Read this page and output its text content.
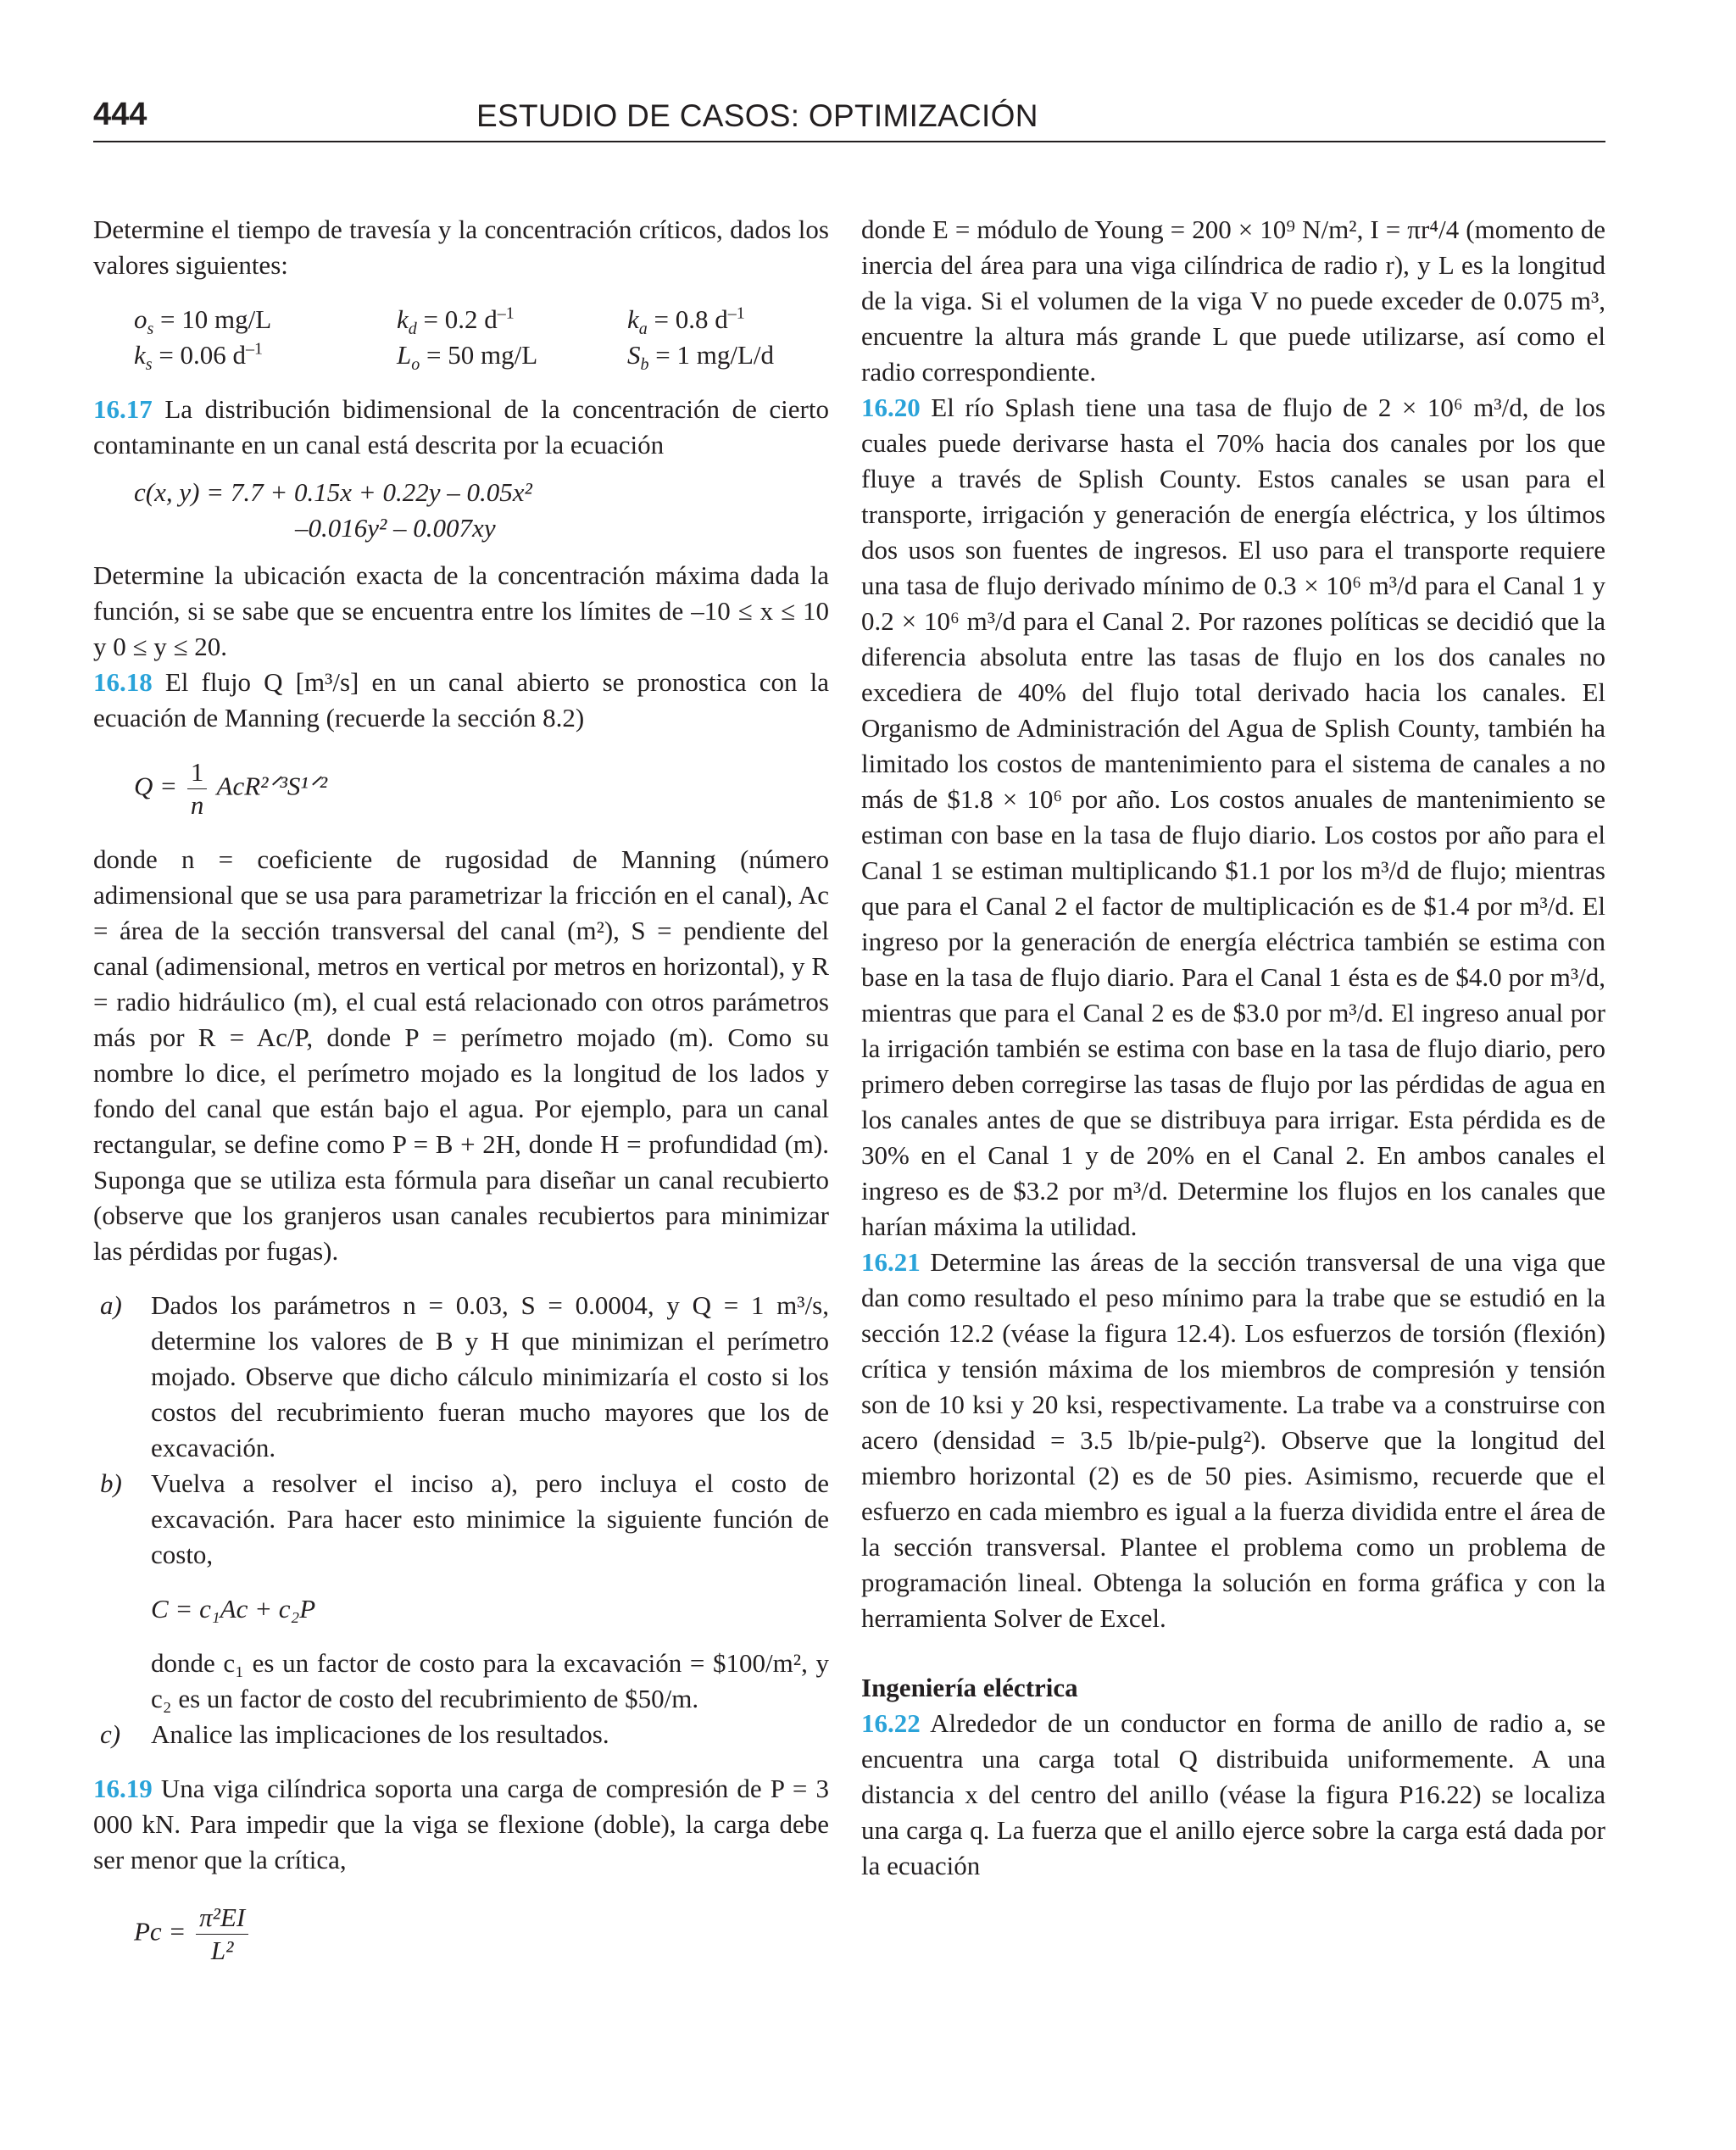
444	ESTUDIO DE CASOS: OPTIMIZACIÓN

Determine el tiempo de travesía y la concentración críticos, dados los valores siguientes:

$o_s = 10$ mg/L	$k_d = 0.2$ $d^{-1}$	$k_a = 0.8$ $d^{-1}$
$k_s = 0.06$ $d^{-1}$	$L_o = 50$ mg/L	$S_b = 1$ mg/L/d

16.17 La distribución bidimensional de la concentración de cierto contaminante en un canal está descrita por la ecuación

c(x, y) = 7.7 + 0.15x + 0.22y – 0.05x²
–0.016y² – 0.007xy

Determine la ubicación exacta de la concentración máxima dada la función, si se sabe que se encuentra entre los límites de –10 ≤ x ≤ 10 y 0 ≤ y ≤ 20.

16.18 El flujo Q [m³/s] en un canal abierto se pronostica con la ecuación de Manning (recuerde la sección 8.2)

$Q = \frac{1}{n}$ AcR²ᐟ³S¹ᐟ²

donde n = coeficiente de rugosidad de Manning (número adimensional que se usa para parametrizar la fricción en el canal), Ac = área de la sección transversal del canal (m²), S = pendiente del canal (adimensional, metros en vertical por metros en horizontal), y R = radio hidráulico (m), el cual está relacionado con otros parámetros más por R = Ac/P, donde P = perímetro mojado (m). Como su nombre lo dice, el perímetro mojado es la longitud de los lados y fondo del canal que están bajo el agua. Por ejemplo, para un canal rectangular, se define como P = B + 2H, donde H = profundidad (m). Suponga que se utiliza esta fórmula para diseñar un canal recubierto (observe que los granjeros usan canales recubiertos para minimizar las pérdidas por fugas).

a) Dados los parámetros n = 0.03, S = 0.0004, y Q = 1 m³/s, determine los valores de B y H que minimizan el perímetro mojado. Observe que dicho cálculo minimizaría el costo si los costos del recubrimiento fueran mucho mayores que los de excavación.
b) Vuelva a resolver el inciso a), pero incluya el costo de excavación. Para hacer esto minimice la siguiente función de costo,
C = c₁Ac + c₂P

donde c₁ es un factor de costo para la excavación = $100/m², y c₂ es un factor de costo del recubrimiento de $50/m.

c) Analice las implicaciones de los resultados.

16.19 Una viga cilíndrica soporta una carga de compresión de P = 3 000 kN. Para impedir que la viga se flexione (doble), la carga debe ser menor que la crítica,

$Pc = \frac{\text{π²EI}}{\text{L²}}$

donde E = módulo de Young = 200 × 10⁹ N/m², I = πr⁴/4 (momento de inercia del área para una viga cilíndrica de radio r), y L es la longitud de la viga. Si el volumen de la viga V no puede exceder de 0.075 m³, encuentre la altura más grande L que puede utilizarse, así como el radio correspondiente.

16.20 El río Splash tiene una tasa de flujo de 2 × 10⁶ m³/d, de los cuales puede derivarse hasta el 70% hacia dos canales por los que fluye a través de Splish County. Estos canales se usan para el transporte, irrigación y generación de energía eléctrica, y los últimos dos usos son fuentes de ingresos. El uso para el transporte requiere una tasa de flujo derivado mínimo de 0.3 × 10⁶ m³/d para el Canal 1 y 0.2 × 10⁶ m³/d para el Canal 2. Por razones políticas se decidió que la diferencia absoluta entre las tasas de flujo en los dos canales no excediera de 40% del flujo total derivado hacia los canales. El Organismo de Administración del Agua de Splish County, también ha limitado los costos de mantenimiento para el sistema de canales a no más de $1.8 × 10⁶ por año. Los costos anuales de mantenimiento se estiman con base en la tasa de flujo diario. Los costos por año para el Canal 1 se estiman multiplicando $1.1 por los m³/d de flujo; mientras que para el Canal 2 el factor de multiplicación es de $1.4 por m³/d. El ingreso por la generación de energía eléctrica también se estima con base en la tasa de flujo diario. Para el Canal 1 ésta es de $4.0 por m³/d, mientras que para el Canal 2 es de $3.0 por m³/d. El ingreso anual por la irrigación también se estima con base en la tasa de flujo diario, pero primero deben corregirse las tasas de flujo por las pérdidas de agua en los canales antes de que se distribuya para irrigar. Esta pérdida es de 30% en el Canal 1 y de 20% en el Canal 2. En ambos canales el ingreso es de $3.2 por m³/d. Determine los flujos en los canales que harían máxima la utilidad.

16.21 Determine las áreas de la sección transversal de una viga que dan como resultado el peso mínimo para la trabe que se estudió en la sección 12.2 (véase la figura 12.4). Los esfuerzos de torsión (flexión) crítica y tensión máxima de los miembros de compresión y tensión son de 10 ksi y 20 ksi, respectivamente. La trabe va a construirse con acero (densidad = 3.5 lb/pie-pulg²). Observe que la longitud del miembro horizontal (2) es de 50 pies. Asimismo, recuerde que el esfuerzo en cada miembro es igual a la fuerza dividida entre el área de la sección transversal. Plantee el problema como un problema de programación lineal. Obtenga la solución en forma gráfica y con la herramienta Solver de Excel.

Ingeniería eléctrica

16.22 Alrededor de un conductor en forma de anillo de radio a, se encuentra una carga total Q distribuida uniformemente. A una distancia x del centro del anillo (véase la figura P16.22) se localiza una carga q. La fuerza que el anillo ejerce sobre la carga está dada por la ecuación
